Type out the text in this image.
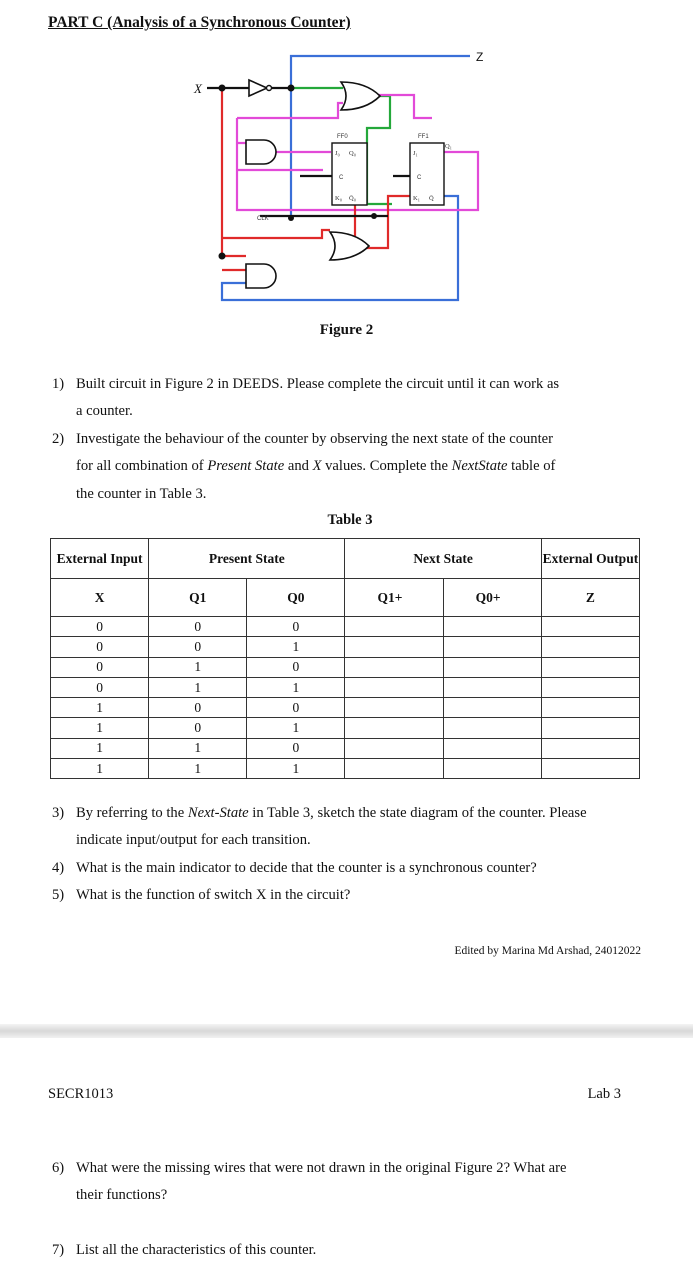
PART C (Analysis of a Synchronous Counter)
FF0
J₀ Q₀
C
K₀ Q̄₀
FF1
J₁
Q₁
C
K₁ Q̄
X
Z
CLK
Figure 2
1) Built circuit in Figure 2 in DEEDS. Please complete the circuit until it can work as
a counter.
2) Investigate the behaviour of the counter by observing the next state of the counter
for all combination of Present State and X values. Complete the NextState table of
the counter in Table 3.
Table 3
External Input	Present State		Next State		External Output
X	Q1	Q0	Q1+	Q0+	Z
0	0	0			
0	0	1			
0	1	0			
0	1	1			
1	0	0			
1	0	1			
1	1	0			
1	1	1			
3) By referring to the Next-State in Table 3, sketch the state diagram of the counter. Please
indicate input/output for each transition.
4) What is the main indicator to decide that the counter is a synchronous counter?
5) What is the function of switch X in the circuit?
Edited by Marina Md Arshad, 24012022
SECR1013	Lab 3
6) What were the missing wires that were not drawn in the original Figure 2? What are
their functions?
7) List all the characteristics of this counter.
